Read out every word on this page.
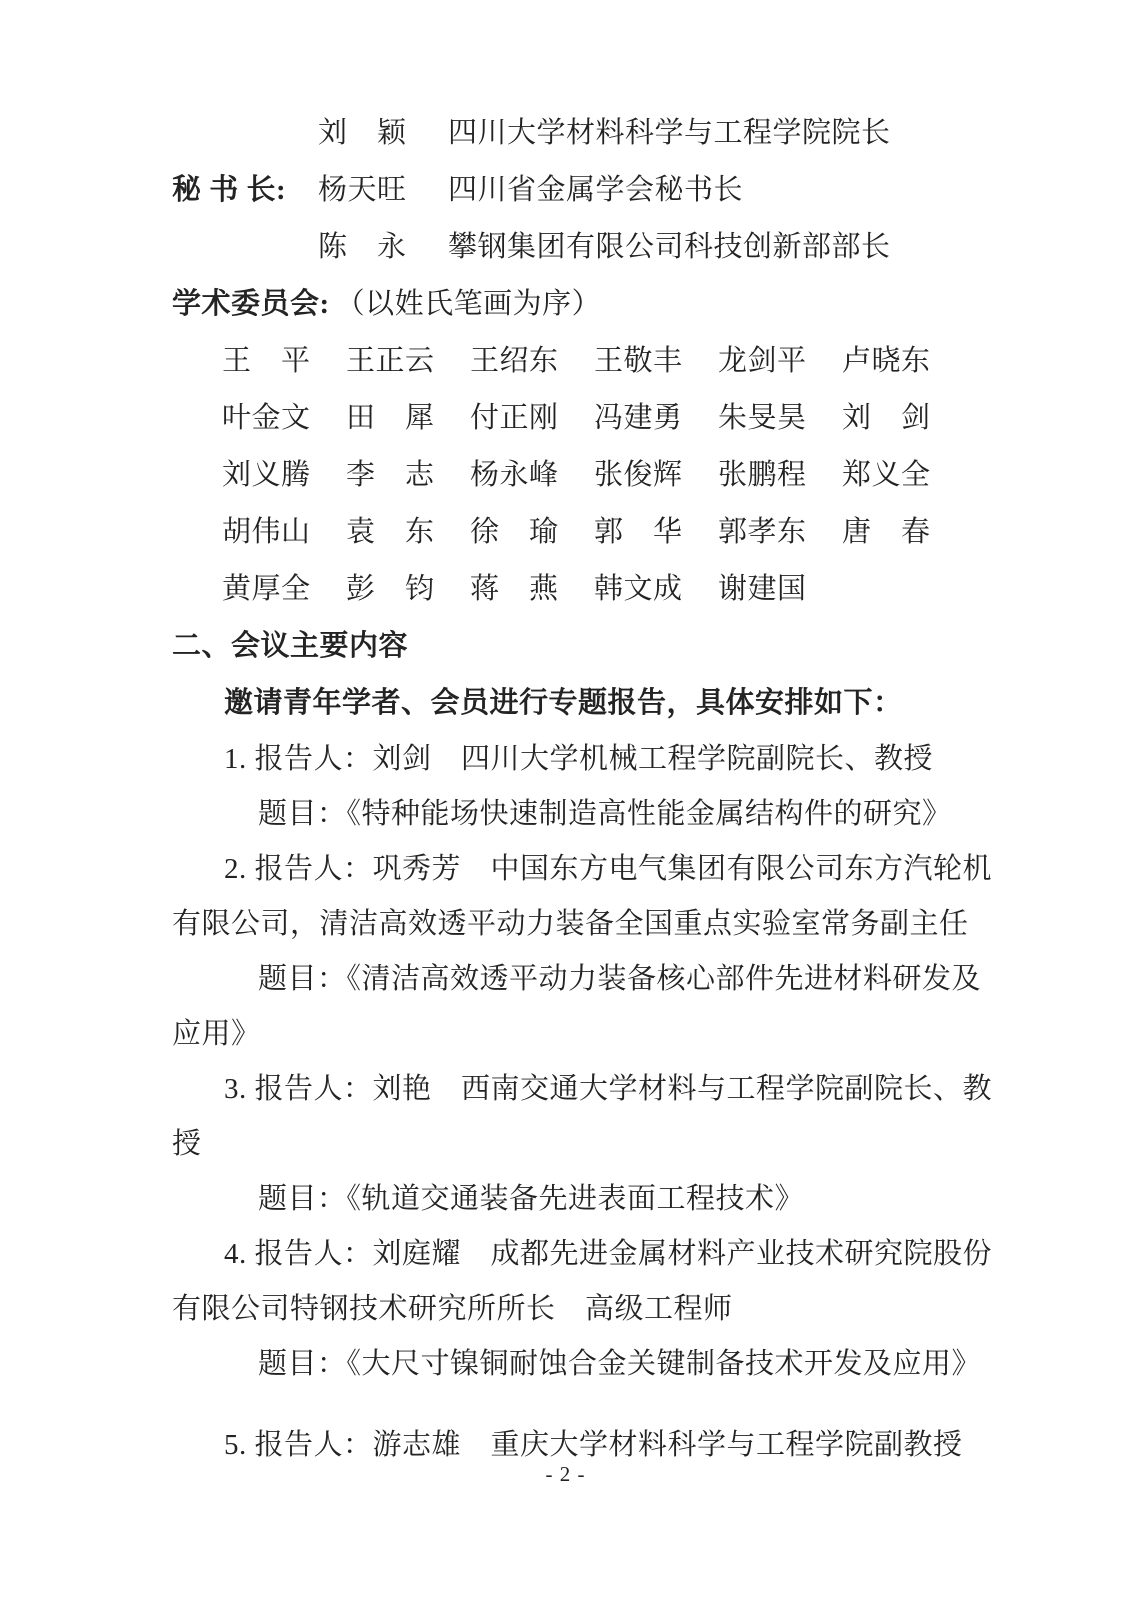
刘　颖	四川大学材料科学与工程学院院长
秘 书 长:	杨天旺	四川省金属学会秘书长
陈　永	攀钢集团有限公司科技创新部部长
学术委员会: （以姓氏笔画为序）
王　平	王正云	王绍东	王敬丰	龙剑平	卢晓东
叶金文	田　犀	付正刚	冯建勇	朱旻昊	刘　剑
刘义腾	李　志	杨永峰	张俊辉	张鹏程	郑义全
胡伟山	袁　东	徐　瑜	郭　华	郭孝东	唐　春
黄厚全	彭　钧	蒋　燕	韩文成	谢建国
二、会议主要内容
邀请青年学者、会员进行专题报告，具体安排如下：
1. 报告人：刘剑　四川大学机械工程学院副院长、教授
题目：《特种能场快速制造高性能金属结构件的研究》
2. 报告人：巩秀芳　中国东方电气集团有限公司东方汽轮机
有限公司，清洁高效透平动力装备全国重点实验室常务副主任
题目：《清洁高效透平动力装备核心部件先进材料研发及
应用》
3. 报告人：刘艳　西南交通大学材料与工程学院副院长、教
授
题目：《轨道交通装备先进表面工程技术》
4. 报告人：刘庭耀　成都先进金属材料产业技术研究院股份
有限公司特钢技术研究所所长　高级工程师
题目：《大尺寸镍铜耐蚀合金关键制备技术开发及应用》
5. 报告人：游志雄　重庆大学材料科学与工程学院副教授
- 2 -
